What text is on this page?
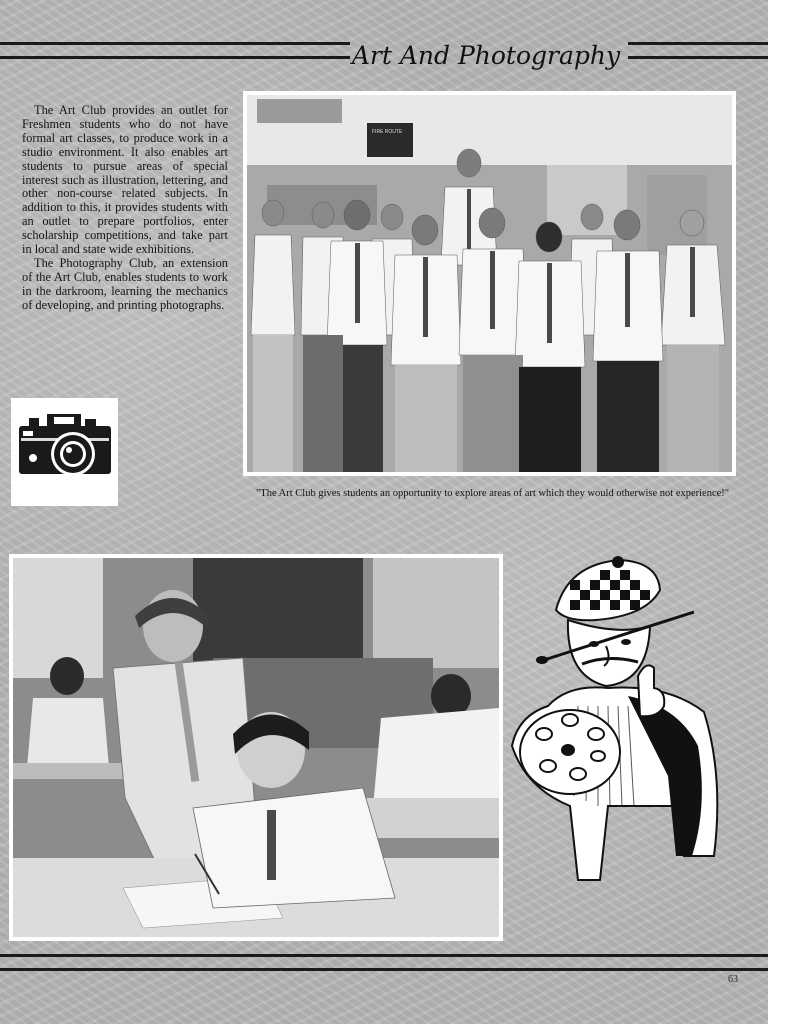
Art And Photography

The Art Club provides an outlet for Freshmen students who do not have formal art classes, to produce work in a studio environment. It also enables art students to pursue areas of special interest such as illustration, lettering, and other non-course related subjects. In addition to this, it provides students with an outlet to prepare portfolios, enter scholarship competitions, and take part in local and state wide exhibitions.

The Photography Club, an extension of the Art Club, enables students to work in the darkroom, learning the mechanics of developing, and printing photographs.

FIRE ROUTE
"The Art Club gives students an opportunity to explore areas of art which they would otherwise not experience!"
63
